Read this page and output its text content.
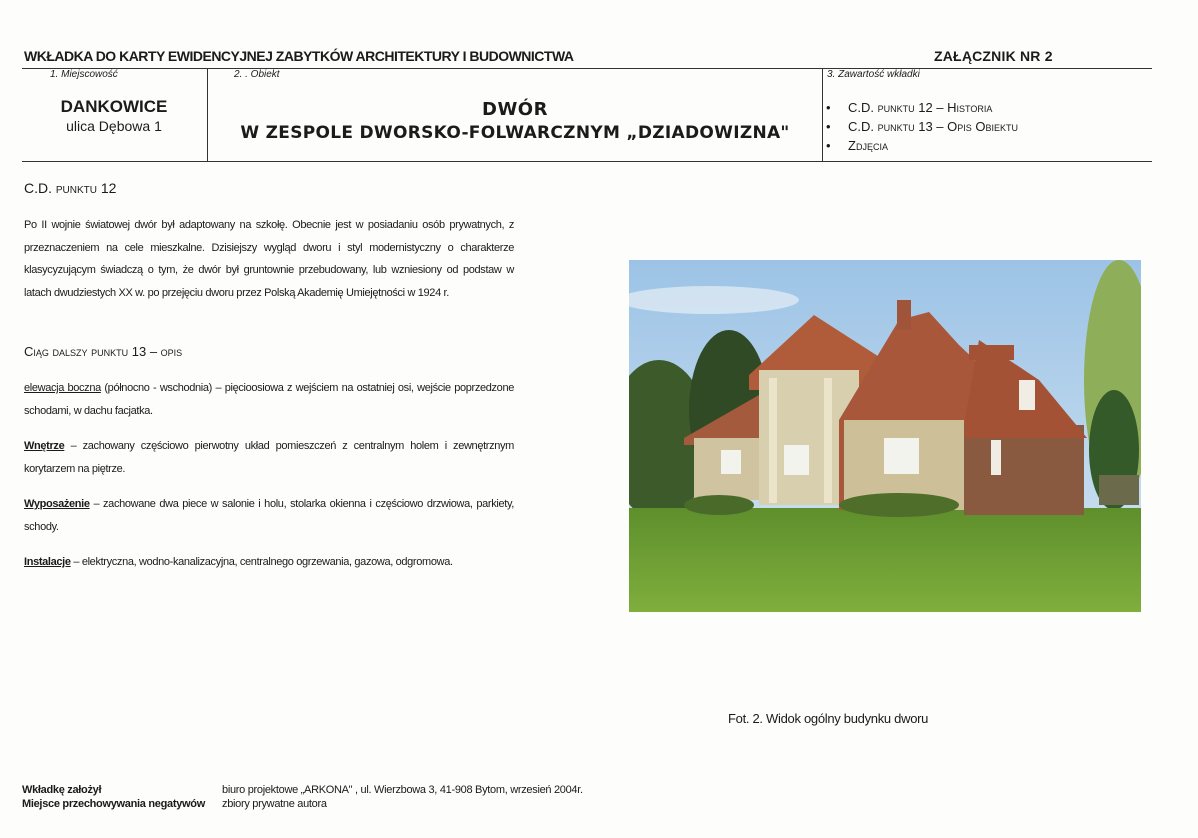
WKŁADKA DO KARTY EWIDENCYJNEJ ZABYTKÓW ARCHITEKTURY I BUDOWNICTWA	ZAŁĄCZNIK NR 2
1. Miejscowość
DANKOWICE
ulica Dębowa 1
2. . Obiekt
DWÓR
W ZESPOLE DWORSKO-FOLWARCZNYM „DZIADOWIZNA"
3. Zawartość wkładki
• C.D. punktu 12 – Historia
• C.D. punktu 13 – Opis Obiektu
• Zdjęcia
C.D. punktu 12
Po II wojnie światowej dwór był adaptowany na szkołę. Obecnie jest w posiadaniu osób prywatnych, z przeznaczeniem na cele mieszkalne. Dzisiejszy wygląd dworu i styl modernistyczny o charakterze klasycyzującym świadczą o tym, że dwór był gruntownie przebudowany, lub wzniesiony od podstaw w latach dwudziestych XX w. po przejęciu dworu przez Polską Akademię Umiejętności w 1924 r.
Ciąg dalszy punktu 13 – opis
elewacja boczna (północno - wschodnia) – pięcioosiowa z wejściem na ostatniej osi, wejście poprzedzone schodami, w dachu facjatka.
Wnętrze – zachowany częściowo pierwotny układ pomieszczeń z centralnym holem i zewnętrznym korytarzem na piętrze.
Wyposażenie – zachowane dwa piece w salonie i holu, stolarka okienna i częściowo drzwiowa, parkiety, schody.
Instalacje – elektryczna, wodno-kanalizacyjna, centralnego ogrzewania, gazowa, odgromowa.
Fot. 2. Widok ogólny budynku dworu
Wkładkę założył	biuro projektowe „ARKONA" , ul. Wierzbowa 3, 41-908 Bytom, wrzesień 2004r.
Miejsce przechowywania negatywów zbiory prywatne autora
